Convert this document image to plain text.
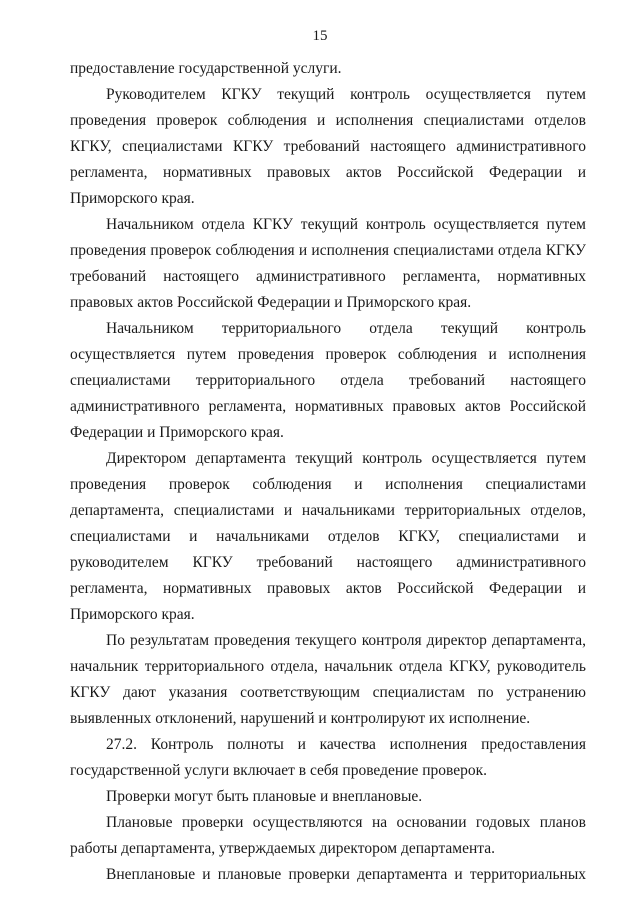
15

предоставление государственной услуги.

Руководителем КГКУ текущий контроль осуществляется путем проведения проверок соблюдения и исполнения специалистами отделов КГКУ, специалистами КГКУ требований настоящего административного регламента, нормативных правовых актов Российской Федерации и Приморского края.

Начальником отдела КГКУ текущий контроль осуществляется путем проведения проверок соблюдения и исполнения специалистами отдела КГКУ требований настоящего административного регламента, нормативных правовых актов Российской Федерации и Приморского края.

Начальником территориального отдела текущий контроль осуществляется путем проведения проверок соблюдения и исполнения специалистами территориального отдела требований настоящего административного регламента, нормативных правовых актов Российской Федерации и Приморского края.

Директором департамента текущий контроль осуществляется путем проведения проверок соблюдения и исполнения специалистами департамента, специалистами и начальниками территориальных отделов, специалистами и начальниками отделов КГКУ, специалистами и руководителем КГКУ требований настоящего административного регламента, нормативных правовых актов Российской Федерации и Приморского края.

По результатам проведения текущего контроля директор департамента, начальник территориального отдела, начальник отдела КГКУ, руководитель КГКУ дают указания соответствующим специалистам по устранению выявленных отклонений, нарушений и контролируют их исполнение.

27.2. Контроль полноты и качества исполнения предоставления государственной услуги включает в себя проведение проверок.

Проверки могут быть плановые и внеплановые.

Плановые проверки осуществляются на основании годовых планов работы департамента, утверждаемых директором департамента.

Внеплановые и плановые проверки департамента и территориальных
